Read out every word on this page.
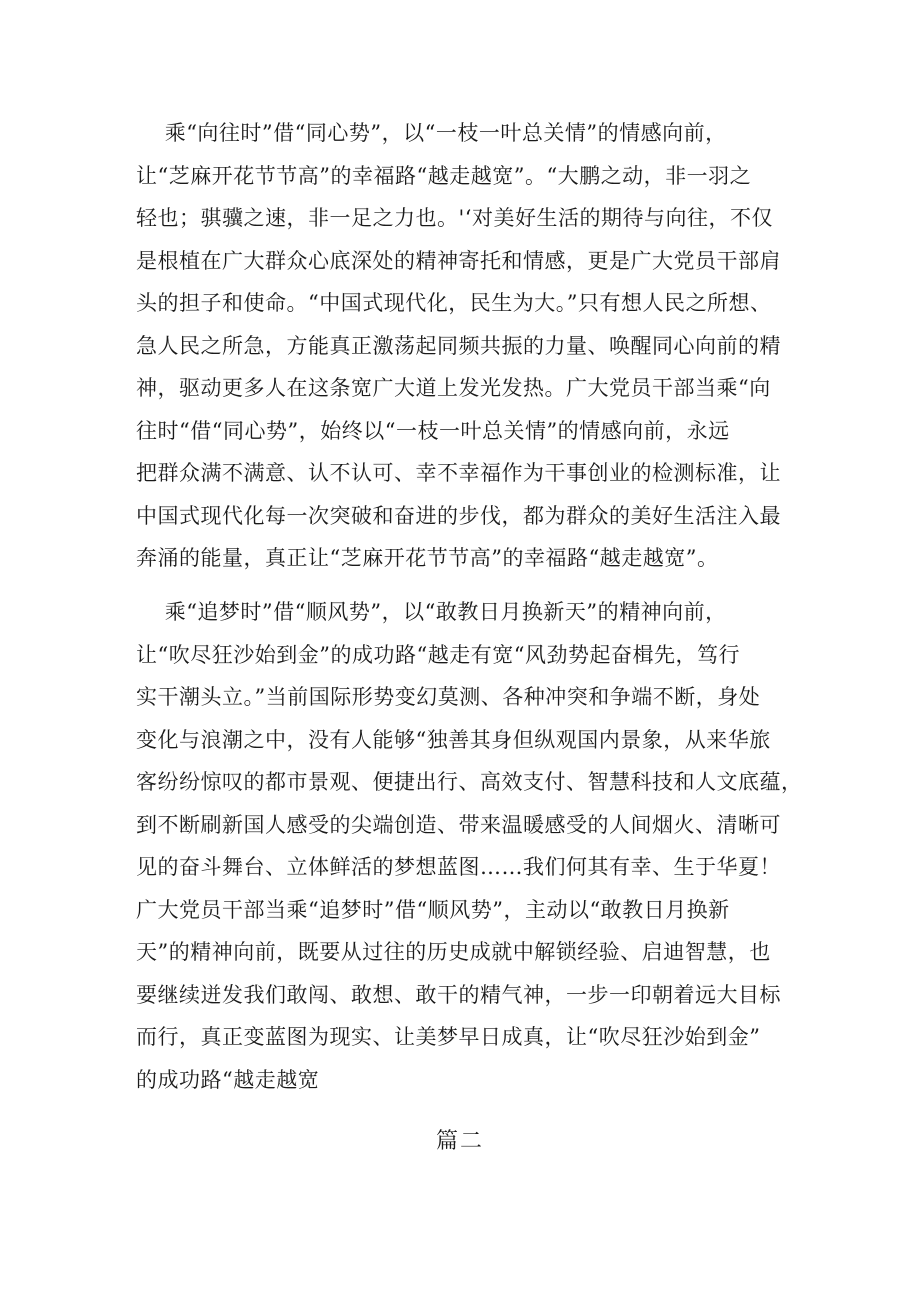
乘“向往时”借“同心势”，以“一枝一叶总关情”的情感向前，
让“芝麻开花节节高”的幸福路“越走越宽”。“大鹏之动，非一羽之
轻也；骐骥之速，非一足之力也。'‘对美好生活的期待与向往，不仅
是根植在广大群众心底深处的精神寄托和情感，更是广大党员干部肩
头的担子和使命。“中国式现代化，民生为大。”只有想人民之所想、
急人民之所急，方能真正激荡起同频共振的力量、唤醒同心向前的精
神，驱动更多人在这条宽广大道上发光发热。广大党员干部当乘“向
往时“借“同心势”，始终以“一枝一叶总关情”的情感向前，永远
把群众满不满意、认不认可、幸不幸福作为干事创业的检测标准，让
中国式现代化每一次突破和奋进的步伐，都为群众的美好生活注入最
奔涌的能量，真正让“芝麻开花节节高”的幸福路“越走越宽”。
乘“追梦时”借“顺风势”，以“敢教日月换新天”的精神向前，
让“吹尽狂沙始到金”的成功路“越走有宽“风劲势起奋楫先，笃行
实干潮头立。”当前国际形势变幻莫测、各种冲突和争端不断，身处
变化与浪潮之中，没有人能够“独善其身但纵观国内景象，从来华旅
客纷纷惊叹的都市景观、便捷出行、高效支付、智慧科技和人文底蕴，
到不断刷新国人感受的尖端创造、带来温暖感受的人间烟火、清晰可
见的奋斗舞台、立体鲜活的梦想蓝图……我们何其有幸、生于华夏！
广大党员干部当乘“追梦时”借“顺风势”，主动以“敢教日月换新
天”的精神向前，既要从过往的历史成就中解锁经验、启迪智慧，也
要继续迸发我们敢闯、敢想、敢干的精气神，一步一印朝着远大目标
而行，真正变蓝图为现实、让美梦早日成真，让“吹尽狂沙始到金”
的成功路“越走越宽
篇二
